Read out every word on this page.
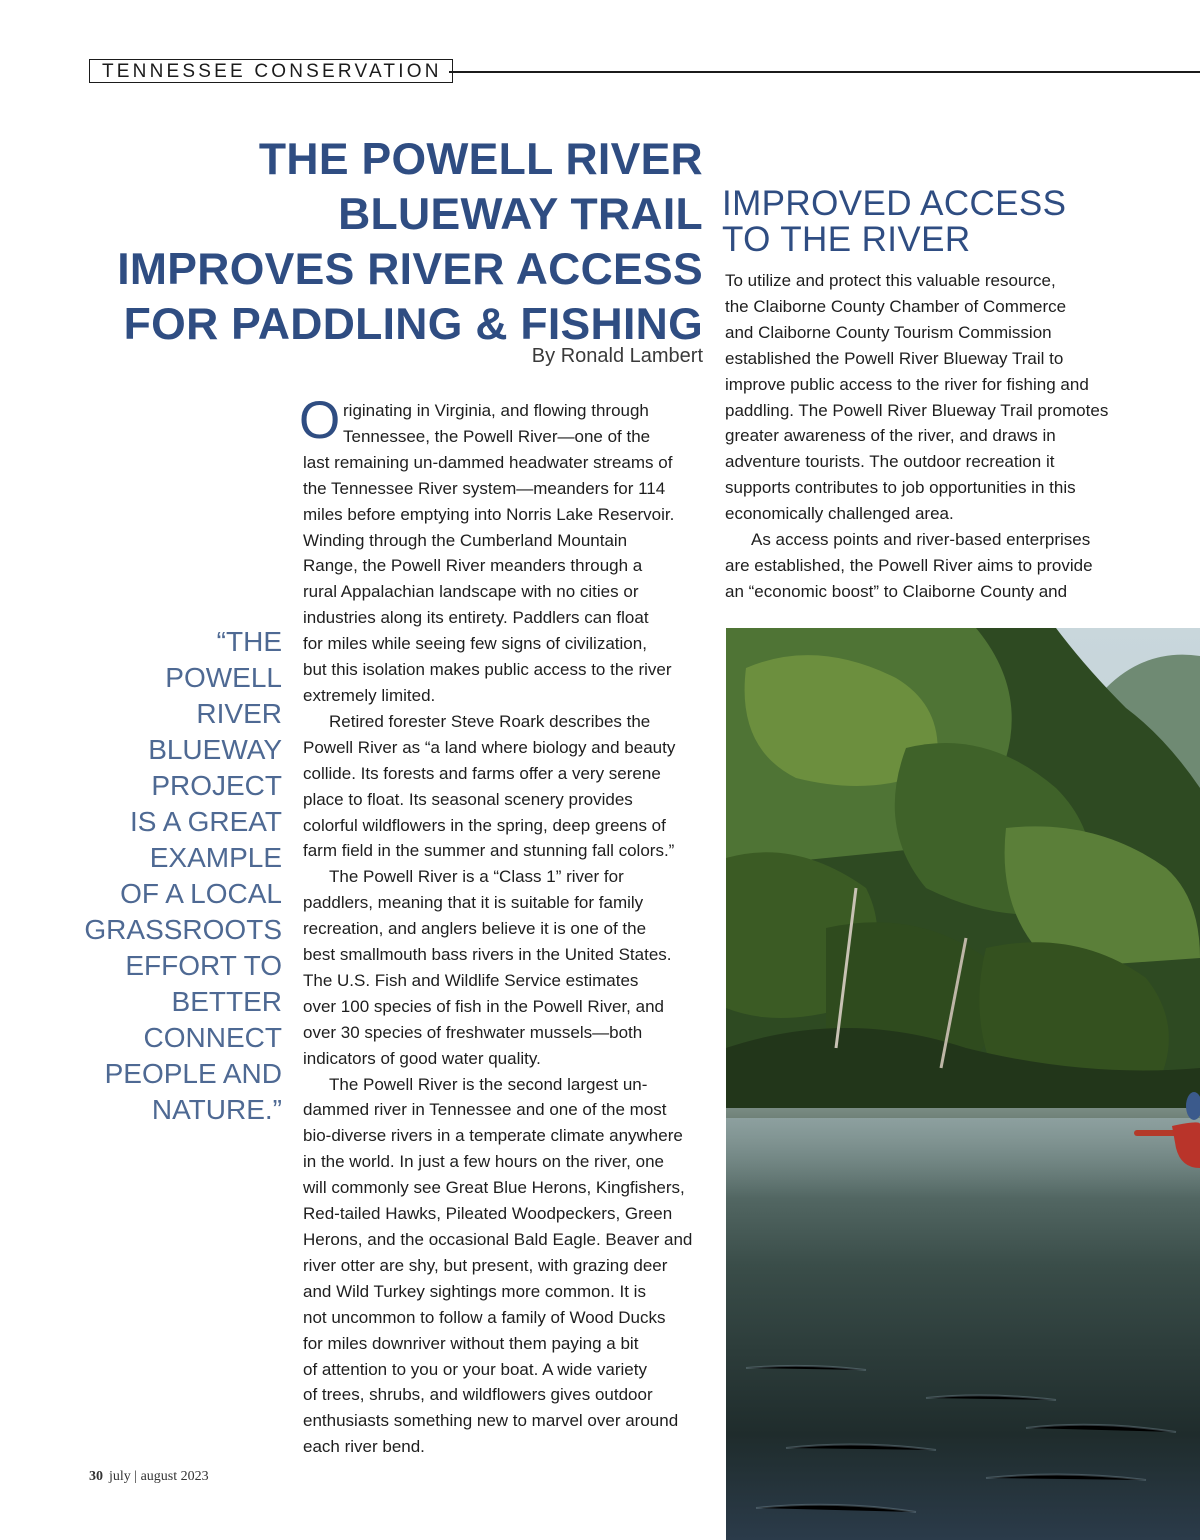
TENNESSEE CONSERVATION
THE POWELL RIVER
BLUEWAY TRAIL
IMPROVES RIVER ACCESS
FOR PADDLING & FISHING
By Ronald Lambert
IMPROVED ACCESS
TO THE RIVER
“THE
POWELL
RIVER
BLUEWAY
PROJECT
IS A GREAT
EXAMPLE
OF A LOCAL
GRASSROOTS
EFFORT TO
BETTER
CONNECT
PEOPLE AND
NATURE.”

O riginating in Virginia, and flowing through

Tennessee, the Powell River—one of the

last remaining un-dammed headwater streams of

the Tennessee River system—meanders for 114

miles before emptying into Norris Lake Reservoir.

Winding through the Cumberland Mountain

Range, the Powell River meanders through a

rural Appalachian landscape with no cities or

industries along its entirety. Paddlers can float

for miles while seeing few signs of civilization,

but this isolation makes public access to the river

extremely limited.

Retired forester Steve Roark describes the

Powell River as “a land where biology and beauty

collide. Its forests and farms offer a very serene

place to float. Its seasonal scenery provides

colorful wildflowers in the spring, deep greens of

farm field in the summer and stunning fall colors.”

The Powell River is a “Class 1” river for

paddlers, meaning that it is suitable for family

recreation, and anglers believe it is one of the

best smallmouth bass rivers in the United States.

The U.S. Fish and Wildlife Service estimates

over 100 species of fish in the Powell River, and

over 30 species of freshwater mussels—both

indicators of good water quality.

The Powell River is the second largest un-

dammed river in Tennessee and one of the most

bio-diverse rivers in a temperate climate anywhere

in the world. In just a few hours on the river, one

will commonly see Great Blue Herons, Kingfishers,

Red-tailed Hawks, Pileated Woodpeckers, Green

Herons, and the occasional Bald Eagle. Beaver and

river otter are shy, but present, with grazing deer

and Wild Turkey sightings more common. It is

not uncommon to follow a family of Wood Ducks

for miles downriver without them paying a bit

of attention to you or your boat. A wide variety

of trees, shrubs, and wildflowers gives outdoor

enthusiasts something new to marvel over around

each river bend.

To utilize and protect this valuable resource,

the Claiborne County Chamber of Commerce

and Claiborne County Tourism Commission

established the Powell River Blueway Trail to

improve public access to the river for fishing and

paddling. The Powell River Blueway Trail promotes

greater awareness of the river, and draws in

adventure tourists. The outdoor recreation it

supports contributes to job opportunities in this

economically challenged area.

As access points and river-based enterprises

are established, the Powell River aims to provide

an “economic boost” to Claiborne County and

30 july | august 2023
